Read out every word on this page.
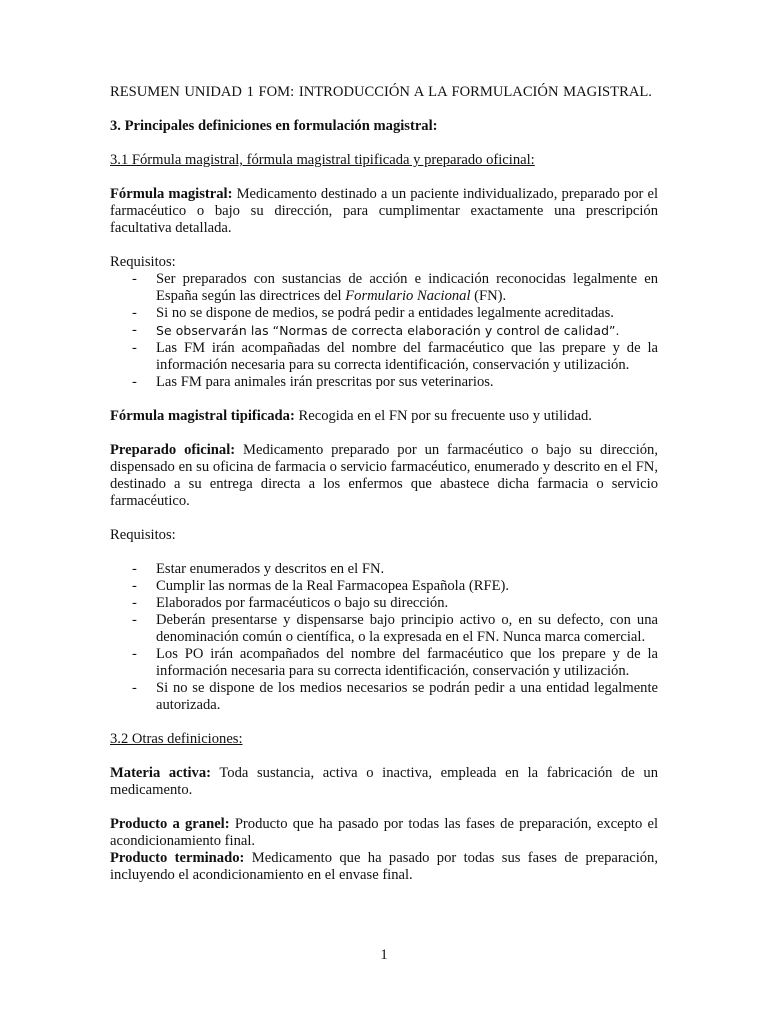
RESUMEN UNIDAD 1 FOM: INTRODUCCIÓN A LA FORMULACIÓN MAGISTRAL.

3. Principales definiciones en formulación magistral:

3.1 Fórmula magistral, fórmula magistral tipificada y preparado oficinal:

Fórmula magistral: Medicamento destinado a un paciente individualizado, preparado por el farmacéutico o bajo su dirección, para cumplimentar exactamente una prescripción facultativa detallada.

Requisitos:

- Ser preparados con sustancias de acción e indicación reconocidas legalmente en España según las directrices del Formulario Nacional (FN).
- Si no se dispone de medios, se podrá pedir a entidades legalmente acreditadas.
- Se observarán las “Normas de correcta elaboración y control de calidad”.
- Las FM irán acompañadas del nombre del farmacéutico que las prepare y de la información necesaria para su correcta identificación, conservación y utilización.
- Las FM para animales irán prescritas por sus veterinarios.

Fórmula magistral tipificada: Recogida en el FN por su frecuente uso y utilidad.

Preparado oficinal: Medicamento preparado por un farmacéutico o bajo su dirección, dispensado en su oficina de farmacia o servicio farmacéutico, enumerado y descrito en el FN, destinado a su entrega directa a los enfermos que abastece dicha farmacia o servicio farmacéutico.

Requisitos:

- Estar enumerados y descritos en el FN.
- Cumplir las normas de la Real Farmacopea Española (RFE).
- Elaborados por farmacéuticos o bajo su dirección.
- Deberán presentarse y dispensarse bajo principio activo o, en su defecto, con una denominación común o científica, o la expresada en el FN. Nunca marca comercial.
- Los PO irán acompañados del nombre del farmacéutico que los prepare y de la información necesaria para su correcta identificación, conservación y utilización.
- Si no se dispone de los medios necesarios se podrán pedir a una entidad legalmente autorizada.

3.2 Otras definiciones:

Materia activa: Toda sustancia, activa o inactiva, empleada en la fabricación de un medicamento.

Producto a granel: Producto que ha pasado por todas las fases de preparación, excepto el acondicionamiento final.

Producto terminado: Medicamento que ha pasado por todas sus fases de preparación, incluyendo el acondicionamiento en el envase final.

1
